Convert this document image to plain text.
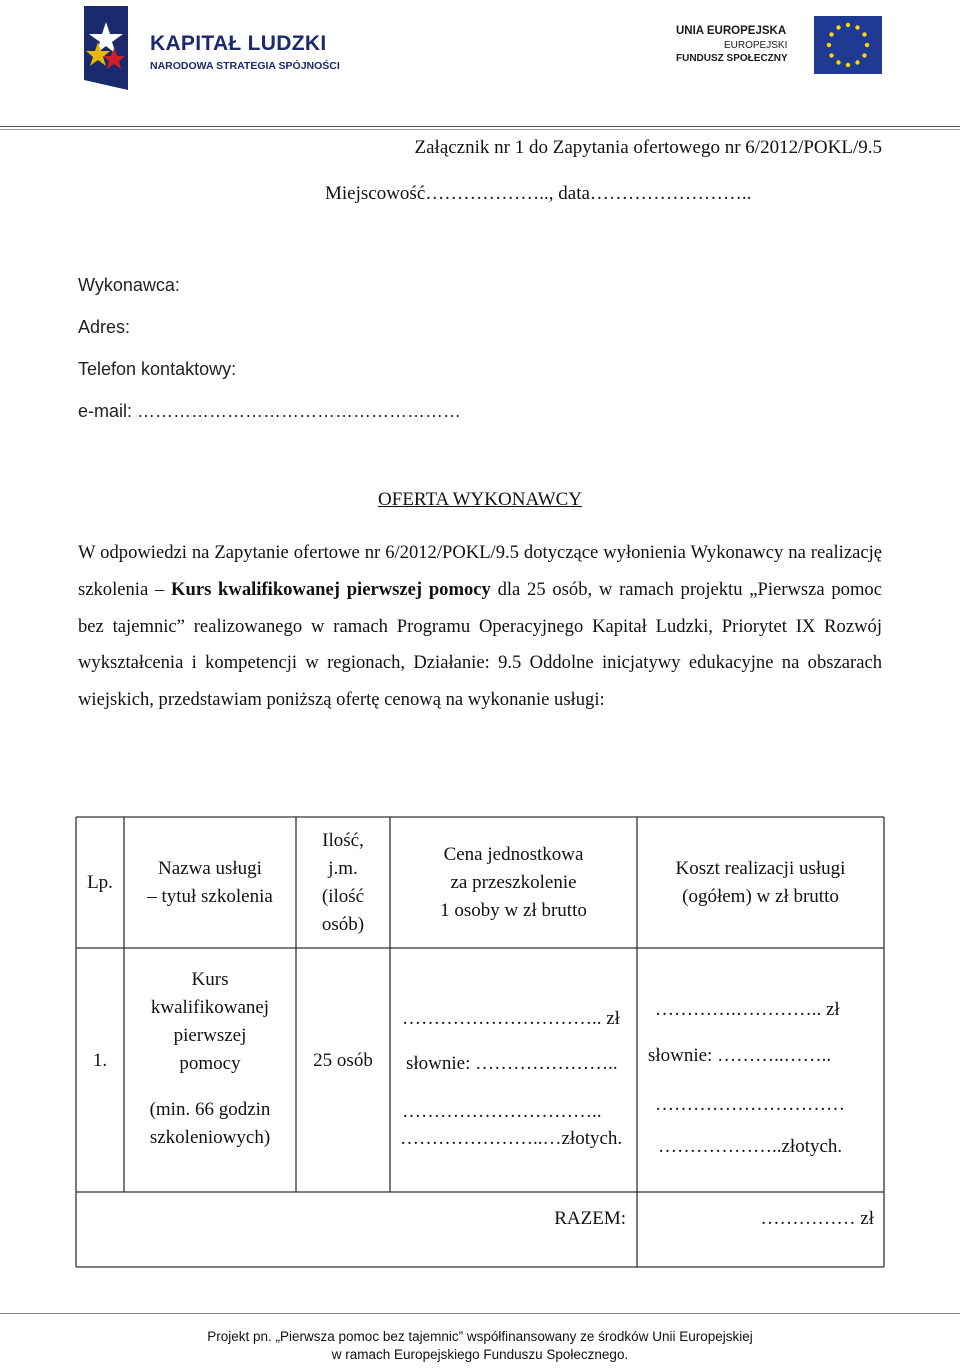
KAPITAŁ LUDZKI
NARODOWA STRATEGIA SPÓJNOŚCI
UNIA EUROPEJSKA
EUROPEJSKI
FUNDUSZ SPOŁECZNY
Załącznik nr 1 do Zapytania ofertowego nr 6/2012/POKL/9.5
Miejscowość……………….., data……………………..
Wykonawca:
Adres:
Telefon kontaktowy:
e-mail: ………………………………………………
OFERTA WYKONAWCY
W odpowiedzi na Zapytanie ofertowe nr 6/2012/POKL/9.5 dotyczące wyłonienia Wykonawcy na realizację szkolenia – Kurs kwalifikowanej pierwszej pomocy dla 25 osób, w ramach projektu „Pierwsza pomoc bez tajemnic” realizowanego w ramach Programu Operacyjnego Kapitał Ludzki, Priorytet IX Rozwój wykształcenia i kompetencji w regionach, Działanie: 9.5 Oddolne inicjatywy edukacyjne na obszarach wiejskich, przedstawiam poniższą ofertę cenową na wykonanie usługi:
Lp.
Nazwa usługi
– tytuł szkolenia
Ilość,
j.m.
(ilość
osób)
Cena jednostkowa
za przeszkolenie
1 osoby w zł brutto
Koszt realizacji usługi
(ogółem) w zł brutto
1.
Kurs
kwalifikowanej
pierwszej
pomocy
(min. 66 godzin
szkoleniowych)
25 osób
………………………….. zł
słownie: …………………..
…………………………..
…………………..…złotych.
………….………….. zł
słownie: ………..……..
…………………………
………………..złotych.
RAZEM:	…………… zł
Projekt pn. „Pierwsza pomoc bez tajemnic” współfinansowany ze środków Unii Europejskiej
w ramach Europejskiego Funduszu Społecznego.
